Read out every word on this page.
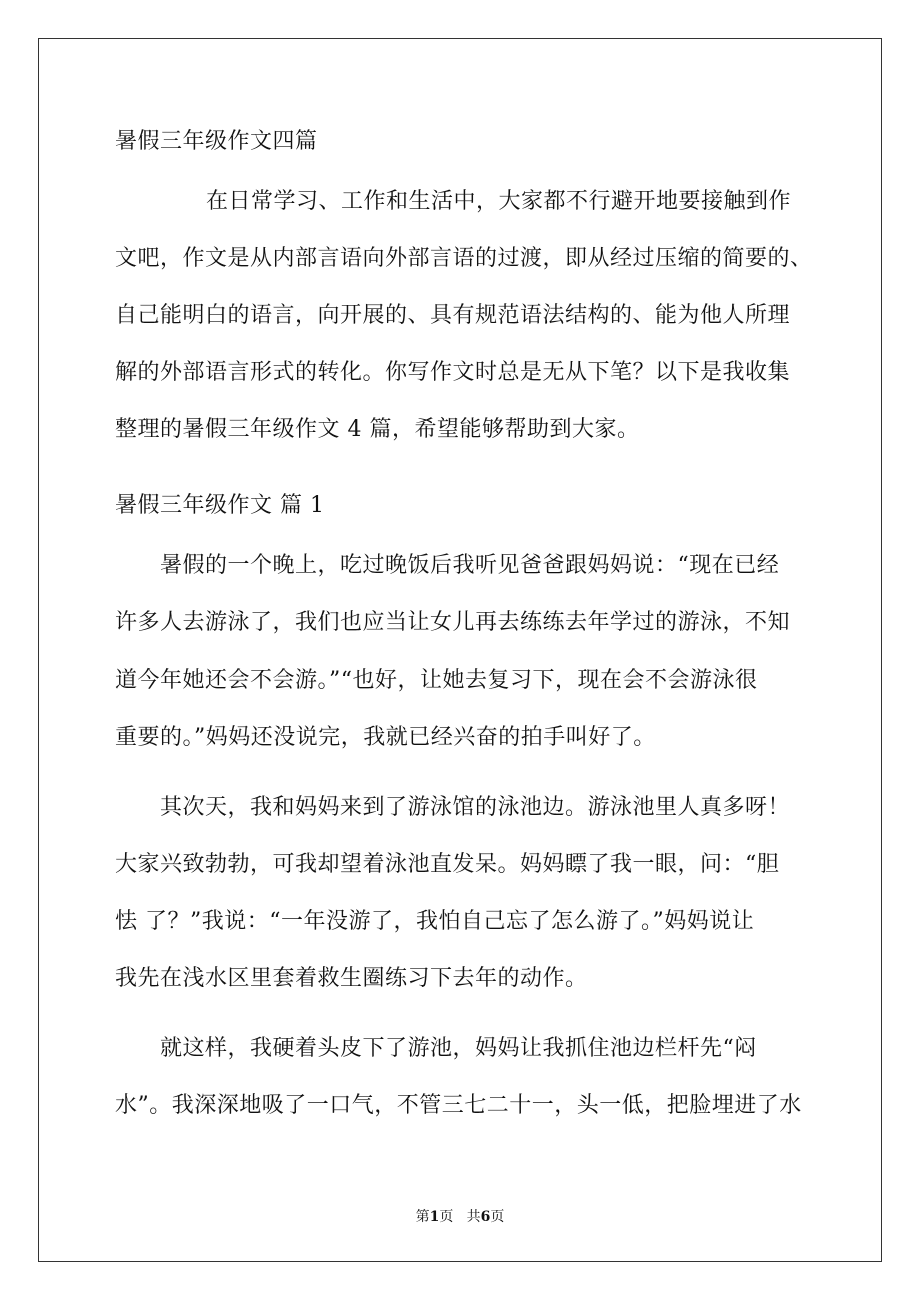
暑假三年级作文四篇
在日常学习、工作和生活中，大家都不行避开地要接触到作
文吧，作文是从内部言语向外部言语的过渡，即从经过压缩的简要的、
自己能明白的语言，向开展的、具有规范语法结构的、能为他人所理
解的外部语言形式的转化。你写作文时总是无从下笔？以下是我收集
整理的暑假三年级作文 4 篇，希望能够帮助到大家。
暑假三年级作文 篇 1
暑假的一个晚上，吃过晚饭后我听见爸爸跟妈妈说：“现在已经
许多人去游泳了，我们也应当让女儿再去练练去年学过的游泳，不知
道今年她还会不会游。”“也好，让她去复习下，现在会不会游泳很
重要的。”妈妈还没说完，我就已经兴奋的拍手叫好了。
其次天，我和妈妈来到了游泳馆的泳池边。游泳池里人真多呀！
大家兴致勃勃，可我却望着泳池直发呆。妈妈瞟了我一眼，问：“胆
怯 了？”我说：“一年没游了，我怕自己忘了怎么游了。”妈妈说让
我先在浅水区里套着救生圈练习下去年的动作。
就这样，我硬着头皮下了游池，妈妈让我抓住池边栏杆先“闷
水”。我深深地吸了一口气，不管三七二十一，头一低，把脸埋进了水
第1页   共6页
